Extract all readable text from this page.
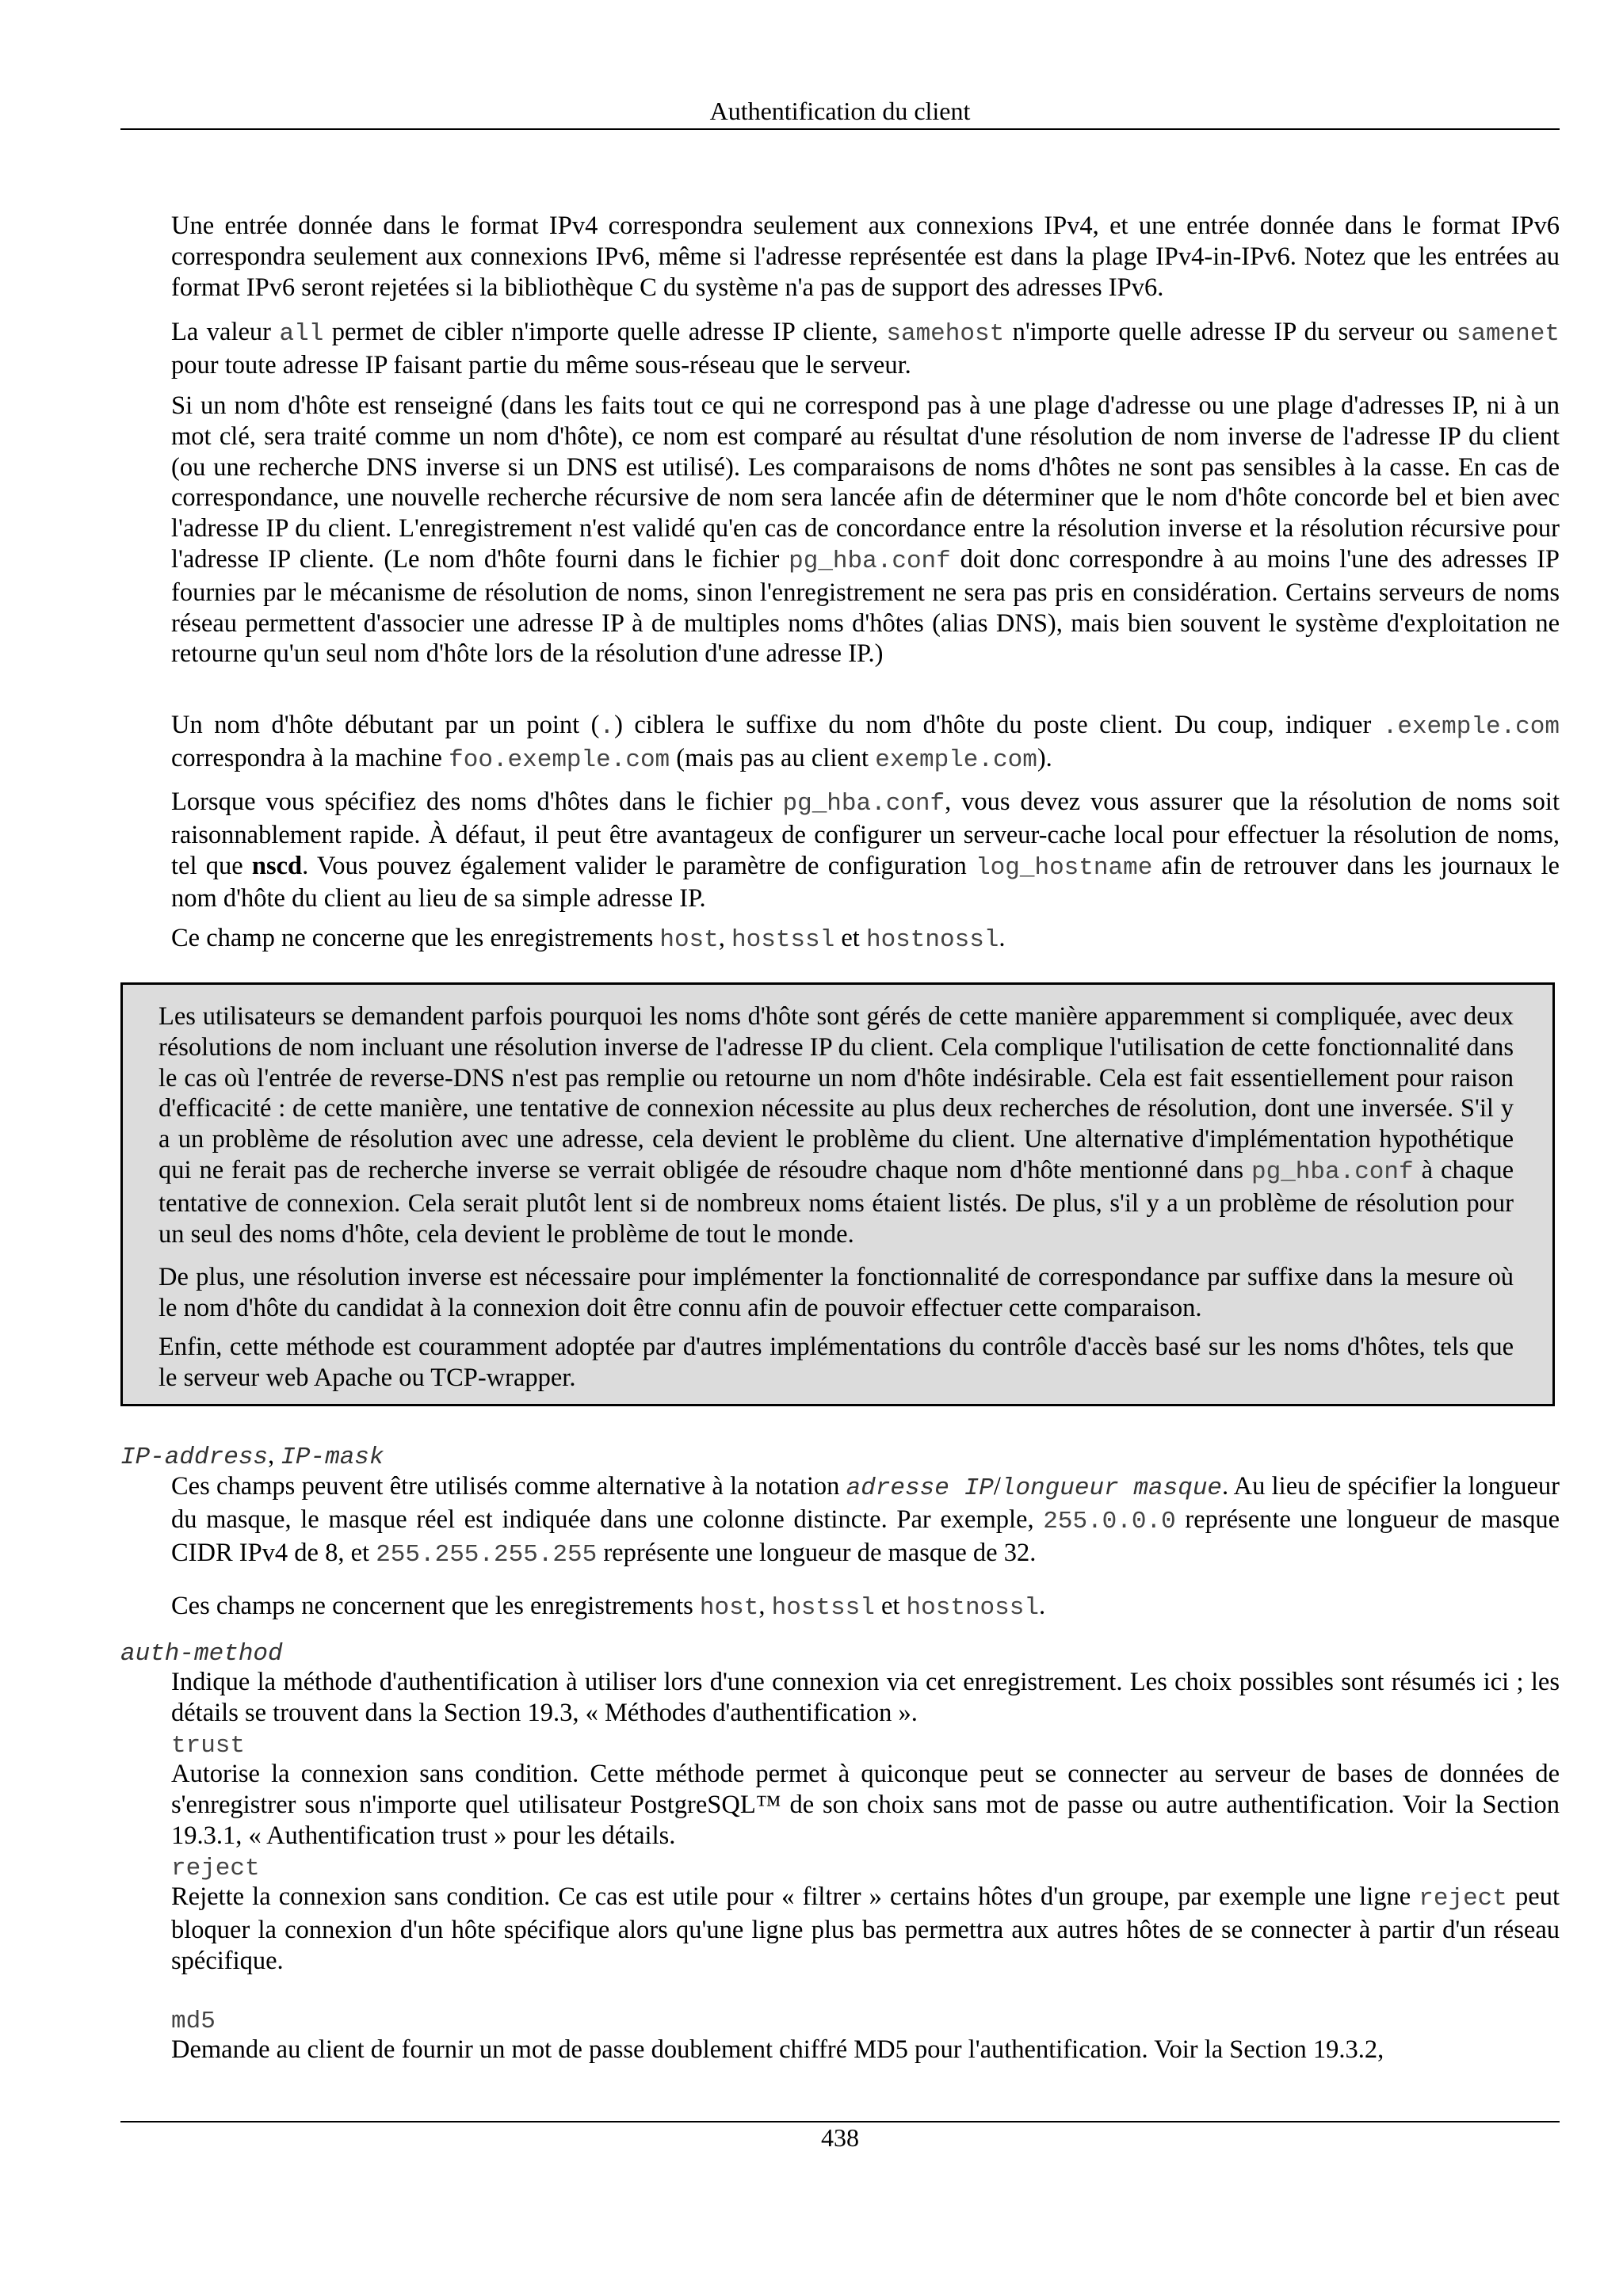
Authentification du client

Une entrée donnée dans le format IPv4 correspondra seulement aux connexions IPv4, et une entrée donnée dans le format IPv6 correspondra seulement aux connexions IPv6, même si l'adresse représentée est dans la plage IPv4-in-IPv6. Notez que les entrées au format IPv6 seront rejetées si la bibliothèque C du système n'a pas de support des adresses IPv6.

La valeur all permet de cibler n'importe quelle adresse IP cliente, samehost n'importe quelle adresse IP du serveur ou samenet pour toute adresse IP faisant partie du même sous-réseau que le serveur.

Si un nom d'hôte est renseigné (dans les faits tout ce qui ne correspond pas à une plage d'adresse ou une plage d'adresses IP, ni à un mot clé, sera traité comme un nom d'hôte), ce nom est comparé au résultat d'une résolution de nom inverse de l'adresse IP du client (ou une recherche DNS inverse si un DNS est utilisé). Les comparaisons de noms d'hôtes ne sont pas sensibles à la casse. En cas de correspondance, une nouvelle recherche récursive de nom sera lancée afin de déterminer que le nom d'hôte concorde bel et bien avec l'adresse IP du client. L'enregistrement n'est validé qu'en cas de concordance entre la résolution inverse et la résolution récursive pour l'adresse IP cliente. (Le nom d'hôte fourni dans le fichier pg_hba.conf doit donc correspondre à au moins l'une des adresses IP fournies par le mécanisme de résolution de noms, sinon l'enregistrement ne sera pas pris en considération. Certains serveurs de noms réseau permettent d'associer une adresse IP à de multiples noms d'hôtes (alias DNS), mais bien souvent le système d'exploitation ne retourne qu'un seul nom d'hôte lors de la résolution d'une adresse IP.)

Un nom d'hôte débutant par un point (.) ciblera le suffixe du nom d'hôte du poste client. Du coup, indiquer .exemple.com correspondra à la machine foo.exemple.com (mais pas au client exemple.com).

Lorsque vous spécifiez des noms d'hôtes dans le fichier pg_hba.conf, vous devez vous assurer que la résolution de noms soit raisonnablement rapide. À défaut, il peut être avantageux de configurer un serveur-cache local pour effectuer la résolution de noms, tel que nscd. Vous pouvez également valider le paramètre de configuration log_hostname afin de retrouver dans les journaux le nom d'hôte du client au lieu de sa simple adresse IP.

Ce champ ne concerne que les enregistrements host, hostssl et hostnossl.

Les utilisateurs se demandent parfois pourquoi les noms d'hôte sont gérés de cette manière apparemment si compliquée, avec deux résolutions de nom incluant une résolution inverse de l'adresse IP du client. Cela complique l'utilisation de cette fonctionnalité dans le cas où l'entrée de reverse-DNS n'est pas remplie ou retourne un nom d'hôte indésirable. Cela est fait essentiellement pour raison d'efficacité : de cette manière, une tentative de connexion nécessite au plus deux recherches de résolution, dont une inversée. S'il y a un problème de résolution avec une adresse, cela devient le problème du client. Une alternative d'implémentation hypothétique qui ne ferait pas de recherche inverse se verrait obligée de résoudre chaque nom d'hôte mentionné dans pg_hba.conf à chaque tentative de connexion. Cela serait plutôt lent si de nombreux noms étaient listés. De plus, s'il y a un problème de résolution pour un seul des noms d'hôte, cela devient le problème de tout le monde.

De plus, une résolution inverse est nécessaire pour implémenter la fonctionnalité de correspondance par suffixe dans la mesure où le nom d'hôte du candidat à la connexion doit être connu afin de pouvoir effectuer cette comparaison.

Enfin, cette méthode est couramment adoptée par d'autres implémentations du contrôle d'accès basé sur les noms d'hôtes, tels que le serveur web Apache ou TCP-wrapper.

IP-address, IP-mask

Ces champs peuvent être utilisés comme alternative à la notation adresse IP/longueur masque. Au lieu de spécifier la longueur du masque, le masque réel est indiquée dans une colonne distincte. Par exemple, 255.0.0.0 représente une longueur de masque CIDR IPv4 de 8, et 255.255.255.255 représente une longueur de masque de 32.

Ces champs ne concernent que les enregistrements host, hostssl et hostnossl.

auth-method

Indique la méthode d'authentification à utiliser lors d'une connexion via cet enregistrement. Les choix possibles sont résumés ici ; les détails se trouvent dans la Section 19.3, « Méthodes d'authentification ».

trust

Autorise la connexion sans condition. Cette méthode permet à quiconque peut se connecter au serveur de bases de données de s'enregistrer sous n'importe quel utilisateur PostgreSQL™ de son choix sans mot de passe ou autre authentification. Voir la Section 19.3.1, « Authentification trust » pour les détails.

reject

Rejette la connexion sans condition. Ce cas est utile pour « filtrer » certains hôtes d'un groupe, par exemple une ligne reject peut bloquer la connexion d'un hôte spécifique alors qu'une ligne plus bas permettra aux autres hôtes de se connecter à partir d'un réseau spécifique.

md5

Demande au client de fournir un mot de passe doublement chiffré MD5 pour l'authentification. Voir la Section 19.3.2,

438
